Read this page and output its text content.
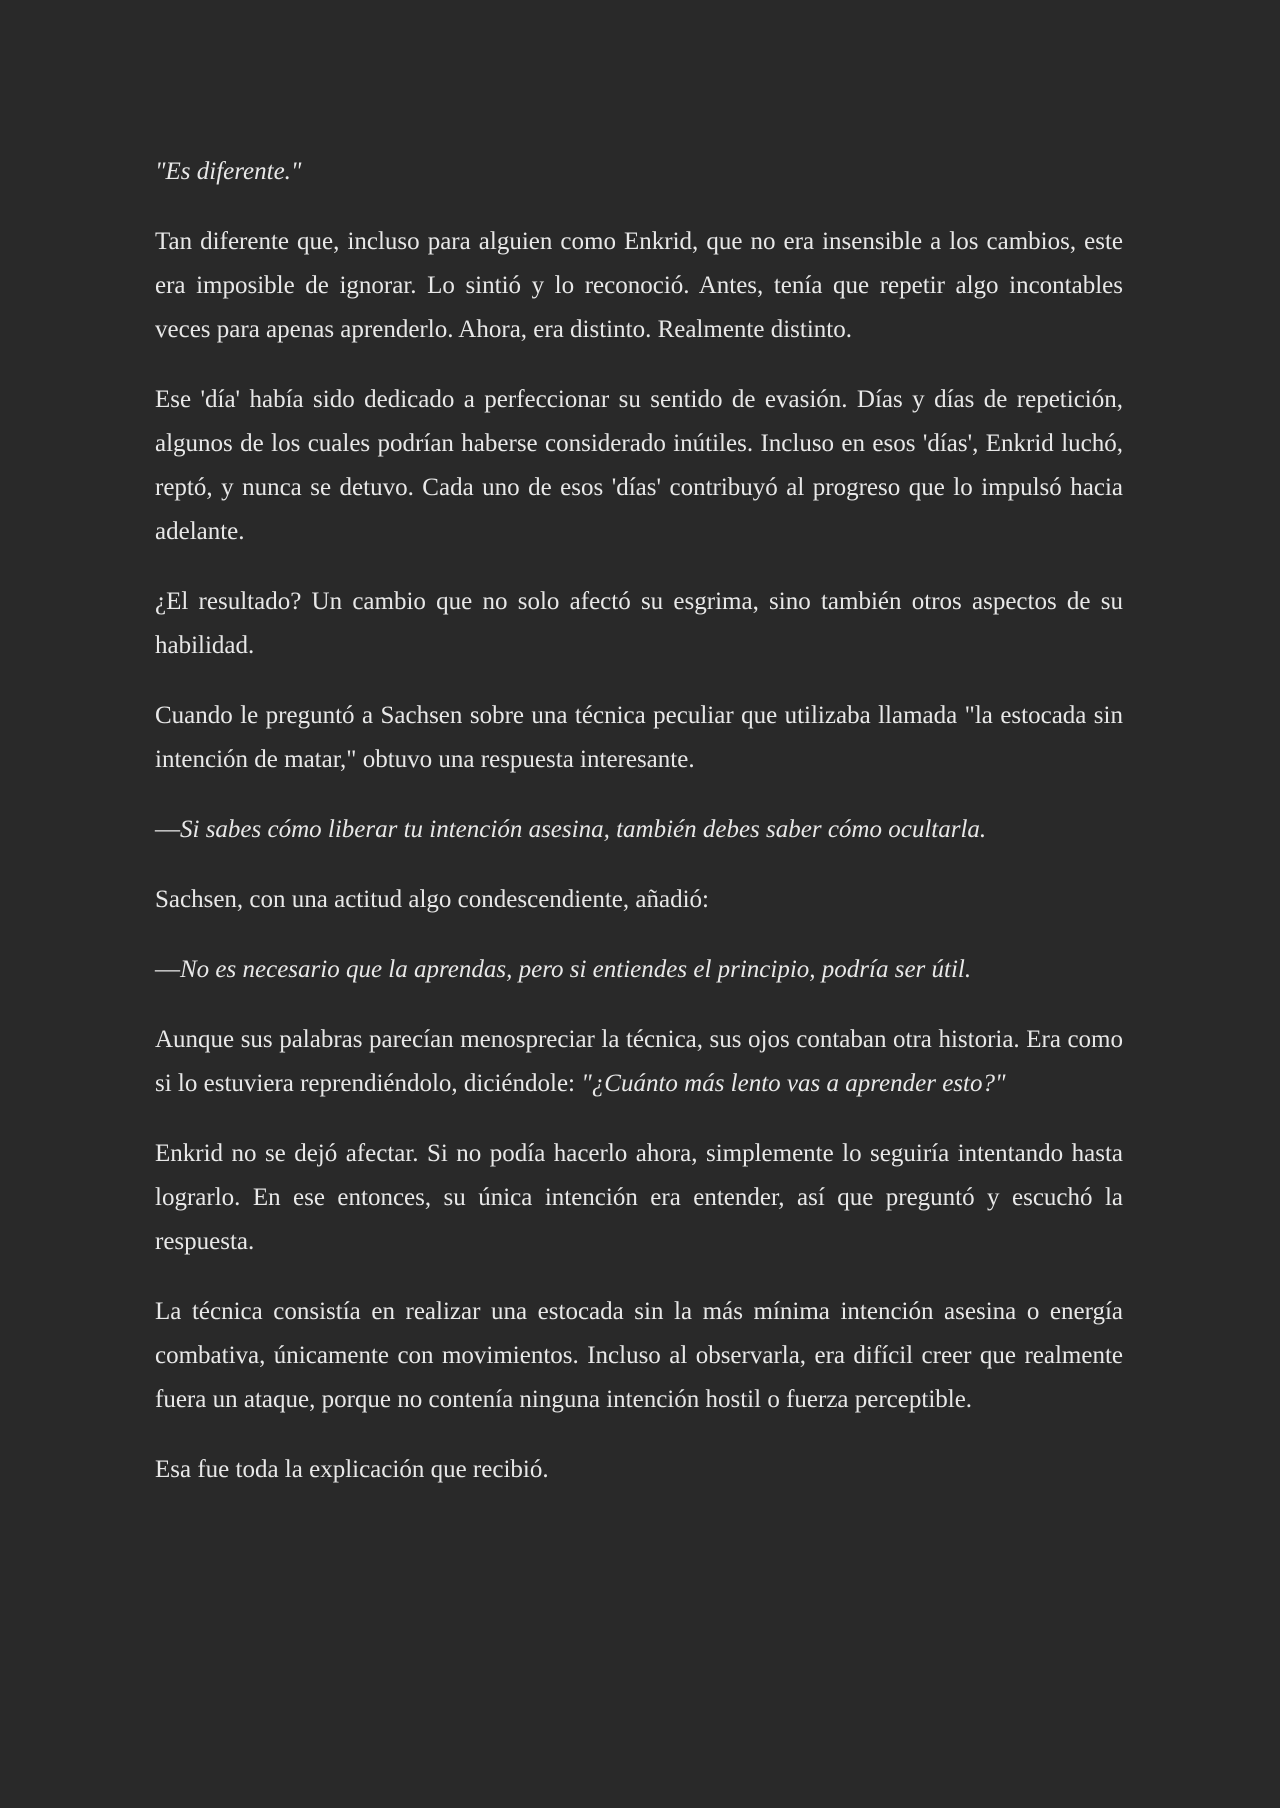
"Es diferente."

Tan diferente que, incluso para alguien como Enkrid, que no era insensible a los cambios, este era imposible de ignorar. Lo sintió y lo reconoció. Antes, tenía que repetir algo incontables veces para apenas aprenderlo. Ahora, era distinto. Realmente distinto.

Ese 'día' había sido dedicado a perfeccionar su sentido de evasión. Días y días de repetición, algunos de los cuales podrían haberse considerado inútiles. Incluso en esos 'días', Enkrid luchó, reptó, y nunca se detuvo. Cada uno de esos 'días' contribuyó al progreso que lo impulsó hacia adelante.

¿El resultado? Un cambio que no solo afectó su esgrima, sino también otros aspectos de su habilidad.

Cuando le preguntó a Sachsen sobre una técnica peculiar que utilizaba llamada "la estocada sin intención de matar," obtuvo una respuesta interesante.

—Si sabes cómo liberar tu intención asesina, también debes saber cómo ocultarla.

Sachsen, con una actitud algo condescendiente, añadió:

—No es necesario que la aprendas, pero si entiendes el principio, podría ser útil.

Aunque sus palabras parecían menospreciar la técnica, sus ojos contaban otra historia. Era como si lo estuviera reprendiéndolo, diciéndole: "¿Cuánto más lento vas a aprender esto?"

Enkrid no se dejó afectar. Si no podía hacerlo ahora, simplemente lo seguiría intentando hasta lograrlo. En ese entonces, su única intención era entender, así que preguntó y escuchó la respuesta.

La técnica consistía en realizar una estocada sin la más mínima intención asesina o energía combativa, únicamente con movimientos. Incluso al observarla, era difícil creer que realmente fuera un ataque, porque no contenía ninguna intención hostil o fuerza perceptible.

Esa fue toda la explicación que recibió.
